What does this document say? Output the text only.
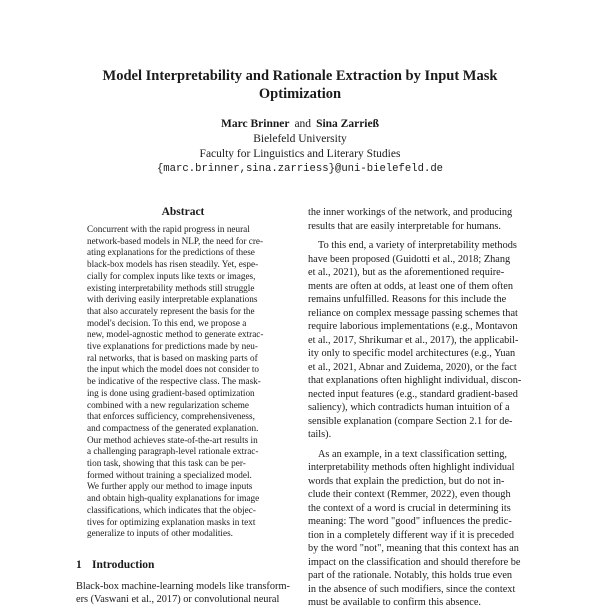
Model Interpretability and Rationale Extraction by Input Mask
Optimization
Marc Brinner and Sina Zarrieß
Bielefeld University
Faculty for Linguistics and Literary Studies
{marc.brinner,sina.zarriess}@uni-bielefeld.de
Abstract
Concurrent with the rapid progress in neural
network-based models in NLP, the need for cre-
ating explanations for the predictions of these
black-box models has risen steadily. Yet, espe-
cially for complex inputs like texts or images,
existing interpretability methods still struggle
with deriving easily interpretable explanations
that also accurately represent the basis for the
model's decision. To this end, we propose a
new, model-agnostic method to generate extrac-
tive explanations for predictions made by neu-
ral networks, that is based on masking parts of
the input which the model does not consider to
be indicative of the respective class. The mask-
ing is done using gradient-based optimization
combined with a new regularization scheme
that enforces sufficiency, comprehensiveness,
and compactness of the generated explanation.
Our method achieves state-of-the-art results in
a challenging paragraph-level rationale extrac-
tion task, showing that this task can be per-
formed without training a specialized model.
We further apply our method to image inputs
and obtain high-quality explanations for image
classifications, which indicates that the objec-
tives for optimizing explanation masks in text
generalize to inputs of other modalities.
1 Introduction
Black-box machine-learning models like transform-
ers (Vaswani et al., 2017) or convolutional neural
the inner workings of the network, and producing
results that are easily interpretable for humans.
To this end, a variety of interpretability methods
have been proposed (Guidotti et al., 2018; Zhang
et al., 2021), but as the aforementioned require-
ments are often at odds, at least one of them often
remains unfulfilled. Reasons for this include the
reliance on complex message passing schemes that
require laborious implementations (e.g., Montavon
et al., 2017, Shrikumar et al., 2017), the applicabil-
ity only to specific model architectures (e.g., Yuan
et al., 2021, Abnar and Zuidema, 2020), or the fact
that explanations often highlight individual, discon-
nected input features (e.g., standard gradient-based
saliency), which contradicts human intuition of a
sensible explanation (compare Section 2.1 for de-
tails).
As an example, in a text classification setting,
interpretability methods often highlight individual
words that explain the prediction, but do not in-
clude their context (Remmer, 2022), even though
the context of a word is crucial in determining its
meaning: The word "good" influences the predic-
tion in a completely different way if it is preceded
by the word "not", meaning that this context has an
impact on the classification and should therefore be
part of the rationale. Notably, this holds true even
in the absence of such modifiers, since the context
must be available to confirm this absence.
